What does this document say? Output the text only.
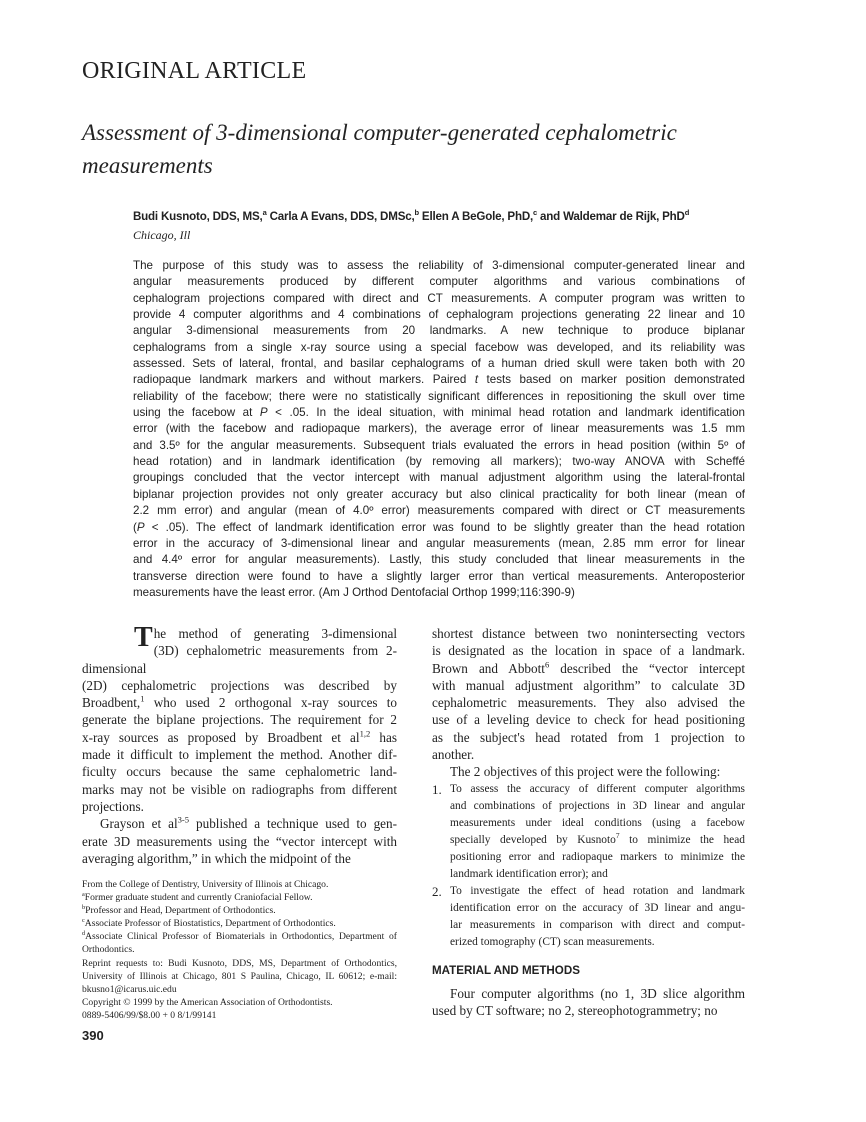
ORIGINAL ARTICLE
Assessment of 3-dimensional computer-generated cephalometric
measurements
Budi Kusnoto, DDS, MS,$^a$ Carla A Evans, DDS, DMSc,$^b$ Ellen A BeGole, PhD,$^c$ and Waldemar de Rijk, PhD$^d$
Chicago, Ill
The purpose of this study was to assess the reliability of 3-dimensional computer-generated linear and
angular measurements produced by different computer algorithms and various combinations of
cephalogram projections compared with direct and CT measurements. A computer program was written to
provide 4 computer algorithms and 4 combinations of cephalogram projections generating 22 linear and 10
angular 3-dimensional measurements from 20 landmarks. A new technique to produce biplanar
cephalograms from a single x-ray source using a special facebow was developed, and its reliability was
assessed. Sets of lateral, frontal, and basilar cephalograms of a human dried skull were taken both with 20
radiopaque landmark markers and without markers. Paired t tests based on marker position demonstrated
reliability of the facebow; there were no statistically significant differences in repositioning the skull over time
using the facebow at P < .05. In the ideal situation, with minimal head rotation and landmark identification
error (with the facebow and radiopaque markers), the average error of linear measurements was 1.5 mm
and 3.5º for the angular measurements. Subsequent trials evaluated the errors in head position (within 5º of
head rotation) and in landmark identification (by removing all markers); two-way ANOVA with Scheffé
groupings concluded that the vector intercept with manual adjustment algorithm using the lateral-frontal
biplanar projection provides not only greater accuracy but also clinical practicality for both linear (mean of
2.2 mm error) and angular (mean of 4.0º error) measurements compared with direct or CT measurements
(P < .05). The effect of landmark identification error was found to be slightly greater than the head rotation
error in the accuracy of 3-dimensional linear and angular measurements (mean, 2.85 mm error for linear
and 4.4º error for angular measurements). Lastly, this study concluded that linear measurements in the
transverse direction were found to have a slightly larger error than vertical measurements. Anteroposterior
measurements have the least error. (Am J Orthod Dentofacial Orthop 1999;116:390-9)
T he method of generating 3-dimensional
(3D) cephalometric measurements from 2-dimensional
(2D) cephalometric projections was described by
Broadbent,$^1$ who used 2 orthogonal x-ray sources to
generate the biplane projections. The requirement for 2
x-ray sources as proposed by Broadbent et al$^{1,2}$ has
made it difficult to implement the method. Another dif-
ficulty occurs because the same cephalometric land-
marks may not be visible on radiographs from different
projections.
Grayson et $al^{3-5}$ published a technique used to gen-
erate 3D measurements using the “vector intercept with
averaging algorithm,” in which the midpoint of the
shortest distance between two nonintersecting vectors
is designated as the location in space of a landmark.
Brown and Abbott$^6$ described the “vector intercept
with manual adjustment algorithm” to calculate 3D
cephalometric measurements. They also advised the
use of a leveling device to check for head positioning
as the subject's head rotated from 1 projection to
another.
The 2 objectives of this project were the following:
1. To assess the accuracy of different computer algorithms
and combinations of projections in 3D linear and angular
measurements under ideal conditions (using a facebow
specially developed by Kusnoto$^7$ to minimize the head
positioning error and radiopaque markers to minimize the
landmark identification error); and
2. To investigate the effect of head rotation and landmark
identification error on the accuracy of 3D linear and angu-
lar measurements in comparison with direct and comput-
erized tomography (CT) scan measurements.
MATERIAL AND METHODS
Four computer algorithms (no 1, 3D slice algorithm
used by CT software; no 2, stereophotogrammetry; no
From the College of Dentistry, University of Illinois at Chicago.
$^a$Former graduate student and currently Craniofacial Fellow.
$^b$Professor and Head, Department of Orthodontics.
$^c$Associate Professor of Biostatistics, Department of Orthodontics.
$^d$Associate Clinical Professor of Biomaterials in Orthodontics, Department of
Orthodontics.
Reprint requests to: Budi Kusnoto, DDS, MS, Department of Orthodontics,
University of Illinois at Chicago, 801 S Paulina, Chicago, IL 60612; e-mail:
bkusno1@icarus.uic.edu
Copyright © 1999 by the American Association of Orthodontists.
0889-5406/99/$8.00 + 0 8/1/99141
390
